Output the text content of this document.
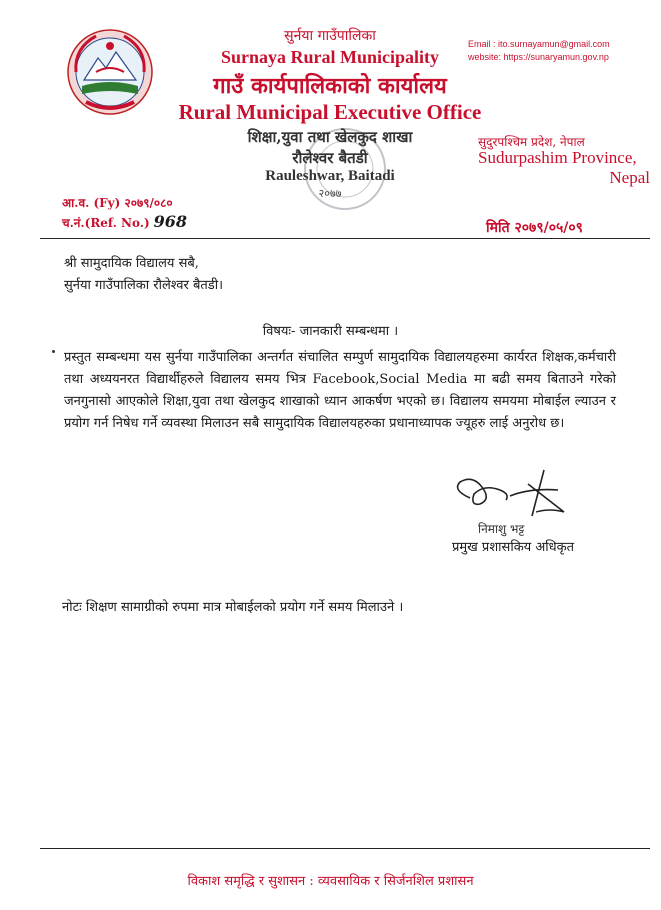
सुर्नया गाउँपालिका
Surnaya Rural Municipality
गाउँ कार्यपालिकाको कार्यालय
Rural Municipal Executive Office
शिक्षा,युवा तथा खेलकुद शाखा
रौलेश्वर बैतडी
Rauleshwar, Baitadi
२०७७
Email : ito.surnayamun@gmail.com
website: https://sunaryamun.gov.np
सुदुरपश्चिम प्रदेश, नेपाल
Sudurpashim Province,
Nepal
आ.व. (Fy) २०७९/०८०
च.नं.(Ref. No.) 968	मिति २०७९/०५/०९
श्री सामुदायिक विद्यालय सबै,
सुर्नया गाउँपालिका रौलेश्वर बैतडी।
विषयः- जानकारी सम्बन्धमा ।
प्रस्तुत सम्बन्धमा यस सुर्नया गाउँपालिका अन्तर्गत संचालित सम्पुर्ण सामुदायिक विद्यालयहरुमा कार्यरत शिक्षक,कर्मचारी तथा अध्ययनरत विद्यार्थीहरुले विद्यालय समय भित्र Facebook,Social Media मा बढी समय बिताउने गरेको जनगुनासो आएकोले शिक्षा,युवा तथा खेलकुद शाखाको ध्यान आकर्षण भएको छ। विद्यालय समयमा मोबाईल ल्याउन र प्रयोग गर्न निषेध गर्ने व्यवस्था मिलाउन सबै सामुदायिक विद्यालयहरुका प्रधानाध्यापक ज्यूहरु लाई अनुरोध छ।
निमाशु भट्ट
प्रमुख प्रशासकिय अधिकृत
नोटः शिक्षण सामाग्रीको रुपमा मात्र मोबाईलको प्रयोग गर्ने समय मिलाउने ।
विकाश समृद्धि र सुशासन : व्यवसायिक र सिर्जनशिल प्रशासन
